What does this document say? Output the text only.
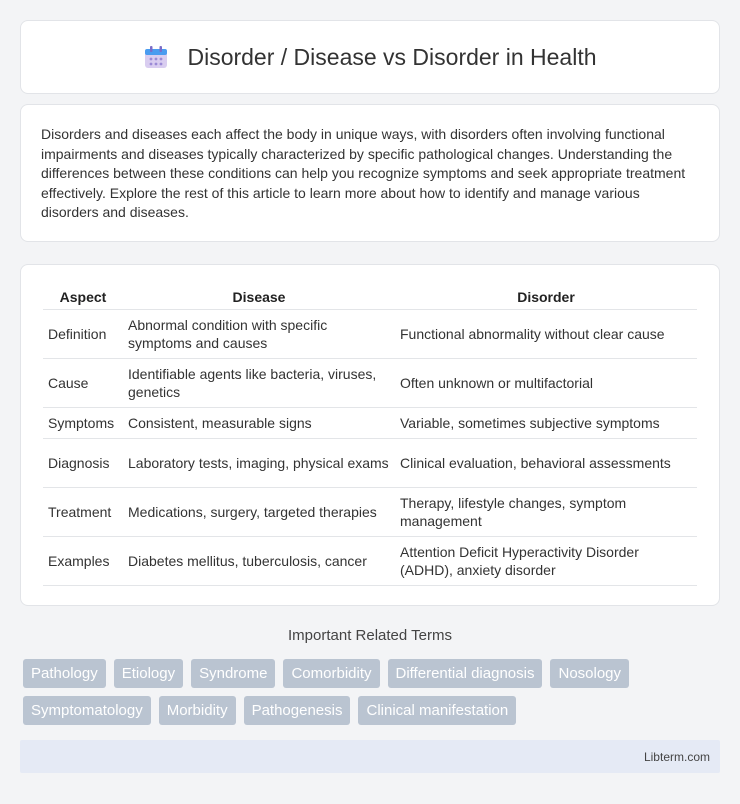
Disorder / Disease vs Disorder in Health

Disorders and diseases each affect the body in unique ways, with disorders often involving functional impairments and diseases typically characterized by specific pathological changes. Understanding the differences between these conditions can help you recognize symptoms and seek appropriate treatment effectively. Explore the rest of this article to learn more about how to identify and manage various disorders and diseases.

Aspect	Disease	Disorder
Definition	Abnormal condition with specific symptoms and causes	Functional abnormality without clear cause
Cause	Identifiable agents like bacteria, viruses, genetics	Often unknown or multifactorial
Symptoms	Consistent, measurable signs	Variable, sometimes subjective symptoms
Diagnosis	Laboratory tests, imaging, physical exams	Clinical evaluation, behavioral assessments
Treatment	Medications, surgery, targeted therapies	Therapy, lifestyle changes, symptom management
Examples	Diabetes mellitus, tuberculosis, cancer	Attention Deficit Hyperactivity Disorder (ADHD), anxiety disorder
Important Related Terms
Pathology	Etiology	Syndrome	Comorbidity	Differential diagnosis	Nosology
Symptomatology	Morbidity	Pathogenesis	Clinical manifestation
Libterm.com
